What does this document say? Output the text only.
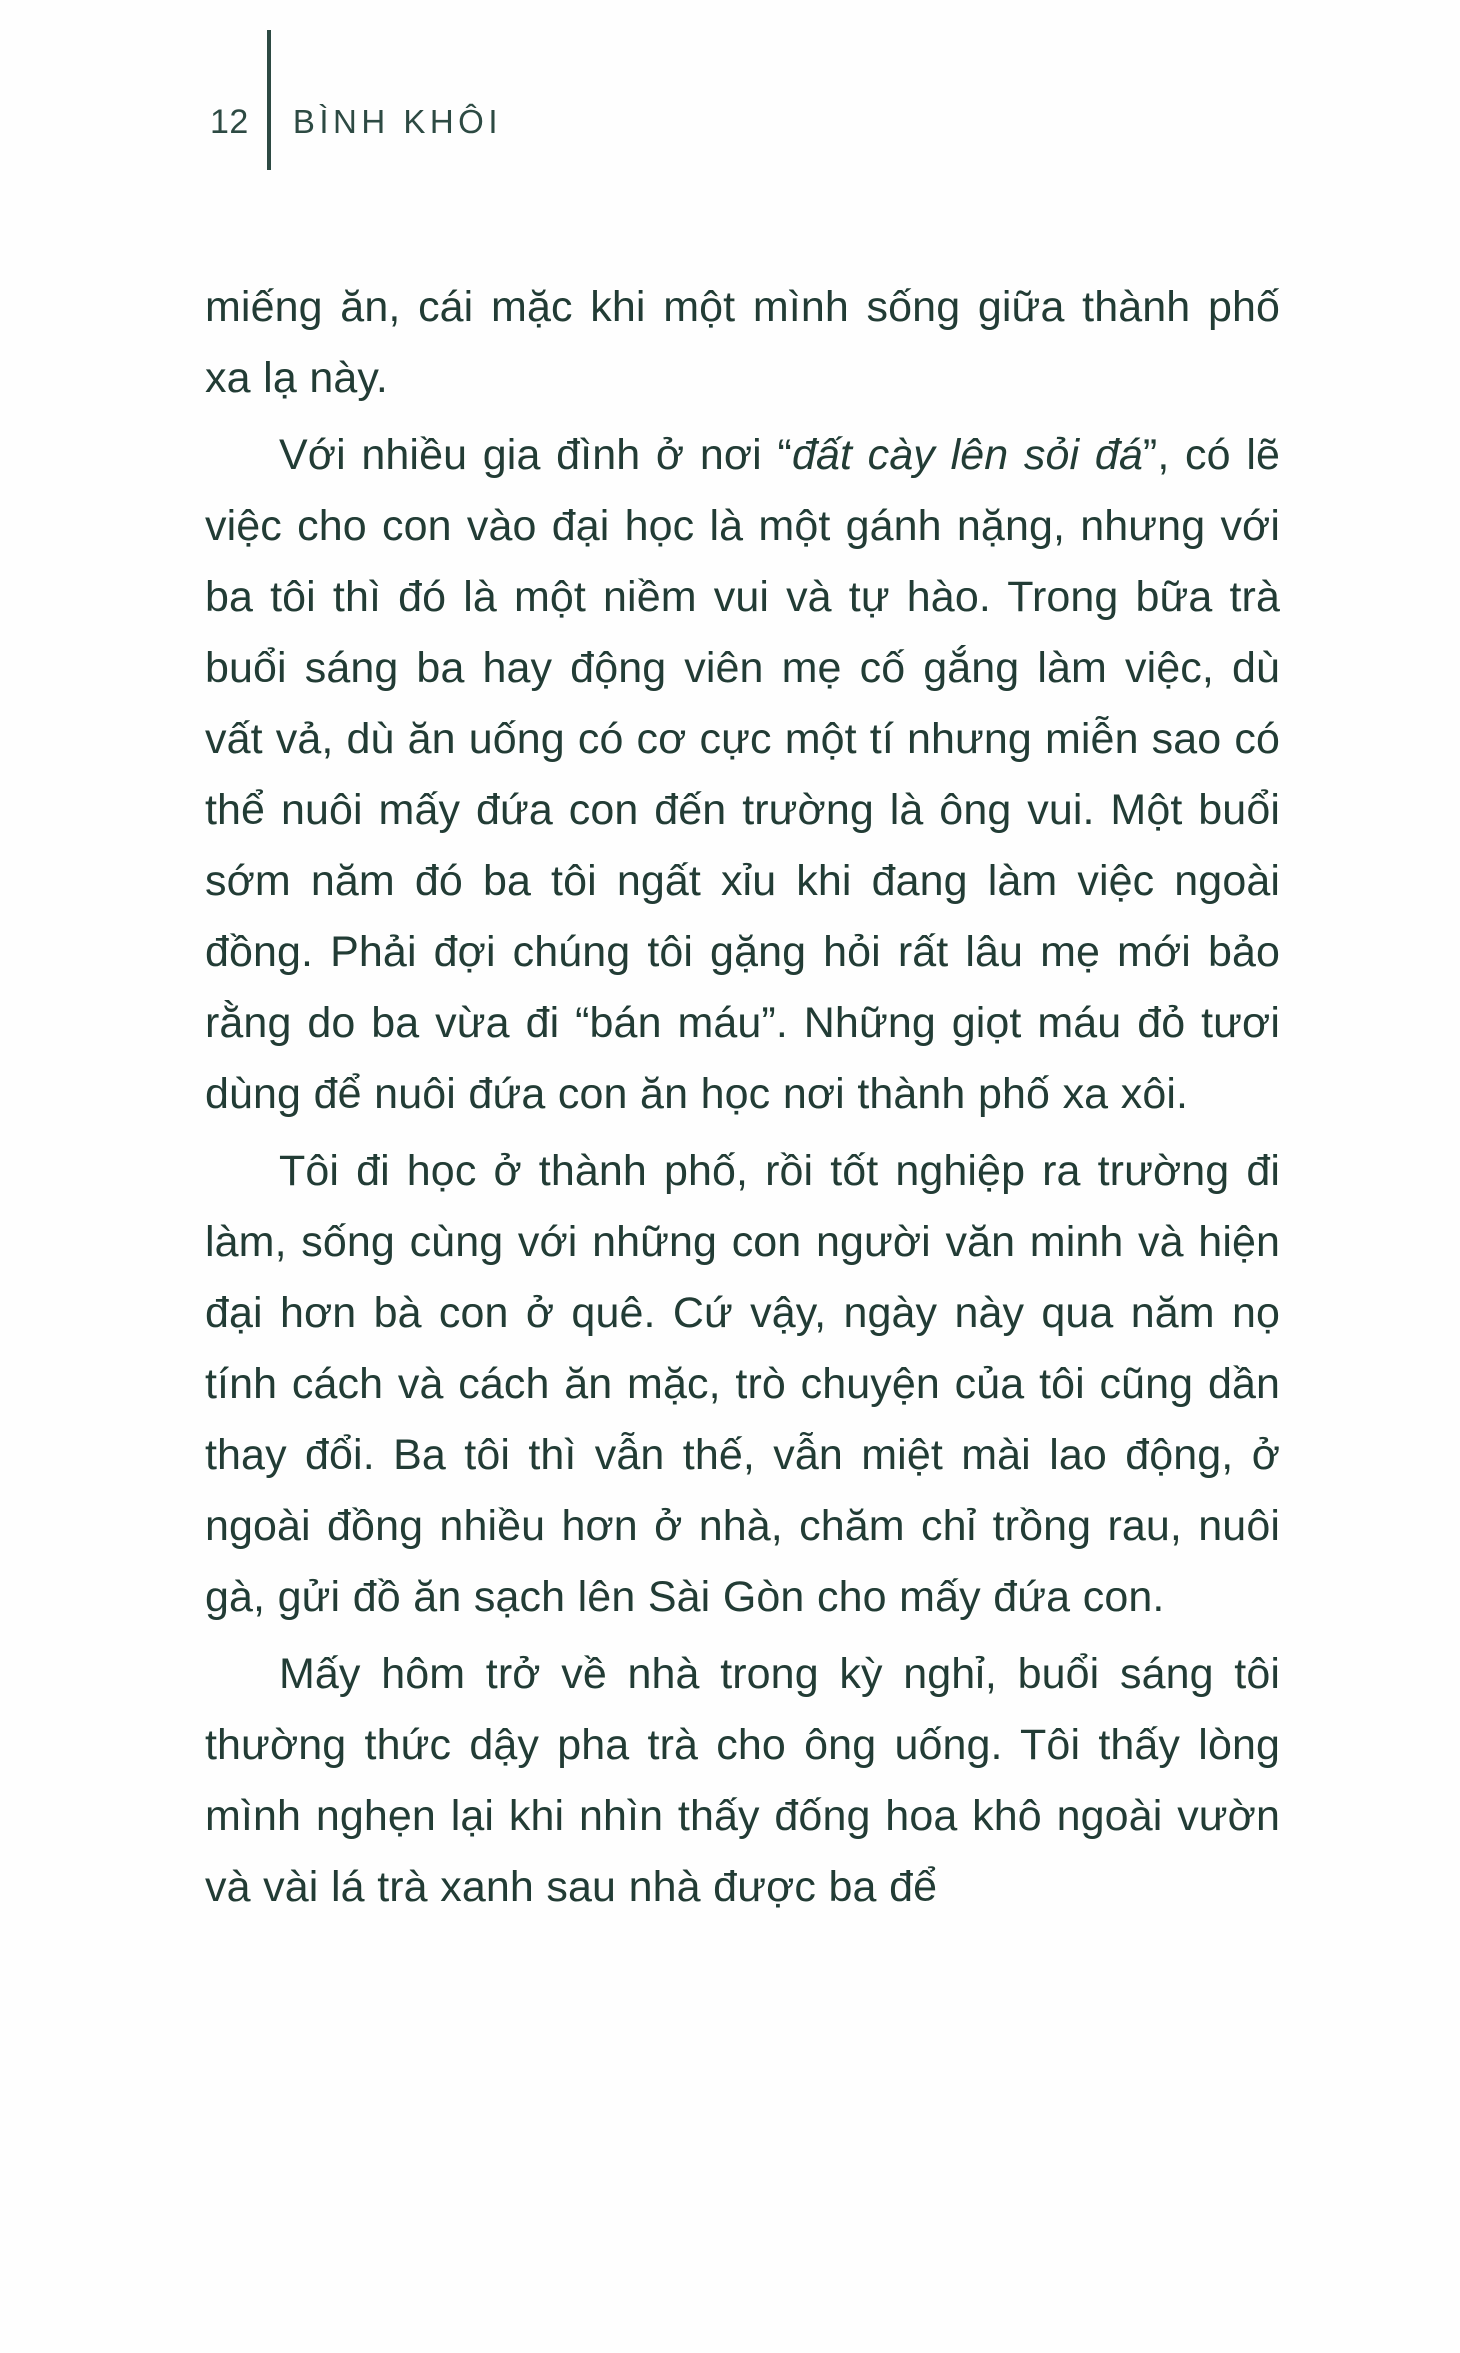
12	BÌNH KHÔI

miếng ăn, cái mặc khi một mình sống giữa thành phố xa lạ này.

Với nhiều gia đình ở nơi “đất cày lên sỏi đá”, có lẽ việc cho con vào đại học là một gánh nặng, nhưng với ba tôi thì đó là một niềm vui và tự hào. Trong bữa trà buổi sáng ba hay động viên mẹ cố gắng làm việc, dù vất vả, dù ăn uống có cơ cực một tí nhưng miễn sao có thể nuôi mấy đứa con đến trường là ông vui. Một buổi sớm năm đó ba tôi ngất xỉu khi đang làm việc ngoài đồng. Phải đợi chúng tôi gặng hỏi rất lâu mẹ mới bảo rằng do ba vừa đi “bán máu”. Những giọt máu đỏ tươi dùng để nuôi đứa con ăn học nơi thành phố xa xôi.

Tôi đi học ở thành phố, rồi tốt nghiệp ra trường đi làm, sống cùng với những con người văn minh và hiện đại hơn bà con ở quê. Cứ vậy, ngày này qua năm nọ tính cách và cách ăn mặc, trò chuyện của tôi cũng dần thay đổi. Ba tôi thì vẫn thế, vẫn miệt mài lao động, ở ngoài đồng nhiều hơn ở nhà, chăm chỉ trồng rau, nuôi gà, gửi đồ ăn sạch lên Sài Gòn cho mấy đứa con.

Mấy hôm trở về nhà trong kỳ nghỉ, buổi sáng tôi thường thức dậy pha trà cho ông uống. Tôi thấy lòng mình nghẹn lại khi nhìn thấy đống hoa khô ngoài vườn và vài lá trà xanh sau nhà được ba để
